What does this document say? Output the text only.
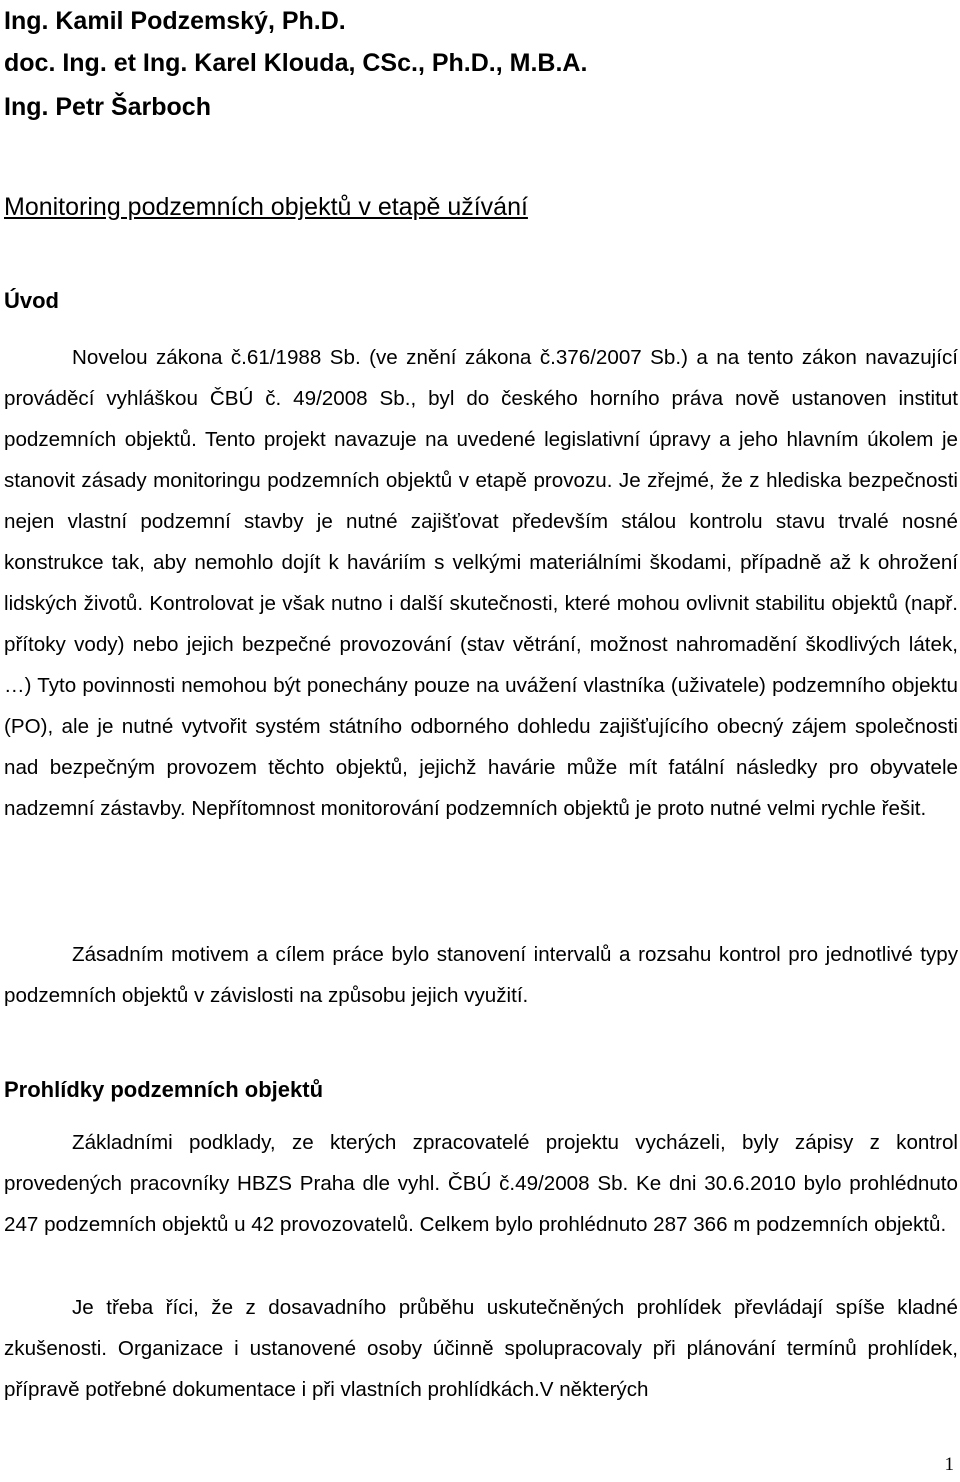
Ing. Kamil Podzemský, Ph.D.
doc. Ing. et Ing. Karel Klouda, CSc., Ph.D., M.B.A.
Ing. Petr Šarboch
Monitoring podzemních objektů v etapě užívání
Úvod

Novelou zákona č.61/1988 Sb. (ve znění zákona č.376/2007 Sb.) a na tento zákon navazující prováděcí vyhláškou ČBÚ č. 49/2008 Sb., byl do českého horního práva nově ustanoven institut podzemních objektů. Tento projekt navazuje na uvedené legislativní úpravy a jeho hlavním úkolem je stanovit zásady monitoringu podzemních objektů v etapě provozu. Je zřejmé, že z hlediska bezpečnosti nejen vlastní podzemní stavby je nutné zajišťovat především stálou kontrolu stavu trvalé nosné konstrukce tak, aby nemohlo dojít k haváriím s velkými materiálními škodami, případně až k ohrožení lidských životů. Kontrolovat je však nutno i další skutečnosti, které mohou ovlivnit stabilitu objektů (např. přítoky vody) nebo jejich bezpečné provozování (stav větrání, možnost nahromadění škodlivých látek, …) Tyto povinnosti nemohou být ponechány pouze na uvážení vlastníka (uživatele) podzemního objektu (PO), ale je nutné vytvořit systém státního odborného dohledu zajišťujícího obecný zájem společnosti nad bezpečným provozem těchto objektů, jejichž havárie může mít fatální následky pro obyvatele nadzemní zástavby. Nepřítomnost monitorování podzemních objektů je proto nutné velmi rychle řešit.

Zásadním motivem a cílem práce bylo stanovení intervalů a rozsahu kontrol pro jednotlivé typy podzemních objektů v závislosti na způsobu jejich využití.

Prohlídky podzemních objektů

Základními podklady, ze kterých zpracovatelé projektu vycházeli, byly zápisy z kontrol provedených pracovníky HBZS Praha dle vyhl. ČBÚ č.49/2008 Sb. Ke dni 30.6.2010 bylo prohlédnuto 247 podzemních objektů u 42 provozovatelů. Celkem bylo prohlédnuto 287 366 m podzemních objektů.

Je třeba říci, že z dosavadního průběhu uskutečněných prohlídek převládají spíše kladné zkušenosti. Organizace i ustanovené osoby účinně spolupracovaly při plánování termínů prohlídek, přípravě potřebné dokumentace i při vlastních prohlídkách.V některých

1
